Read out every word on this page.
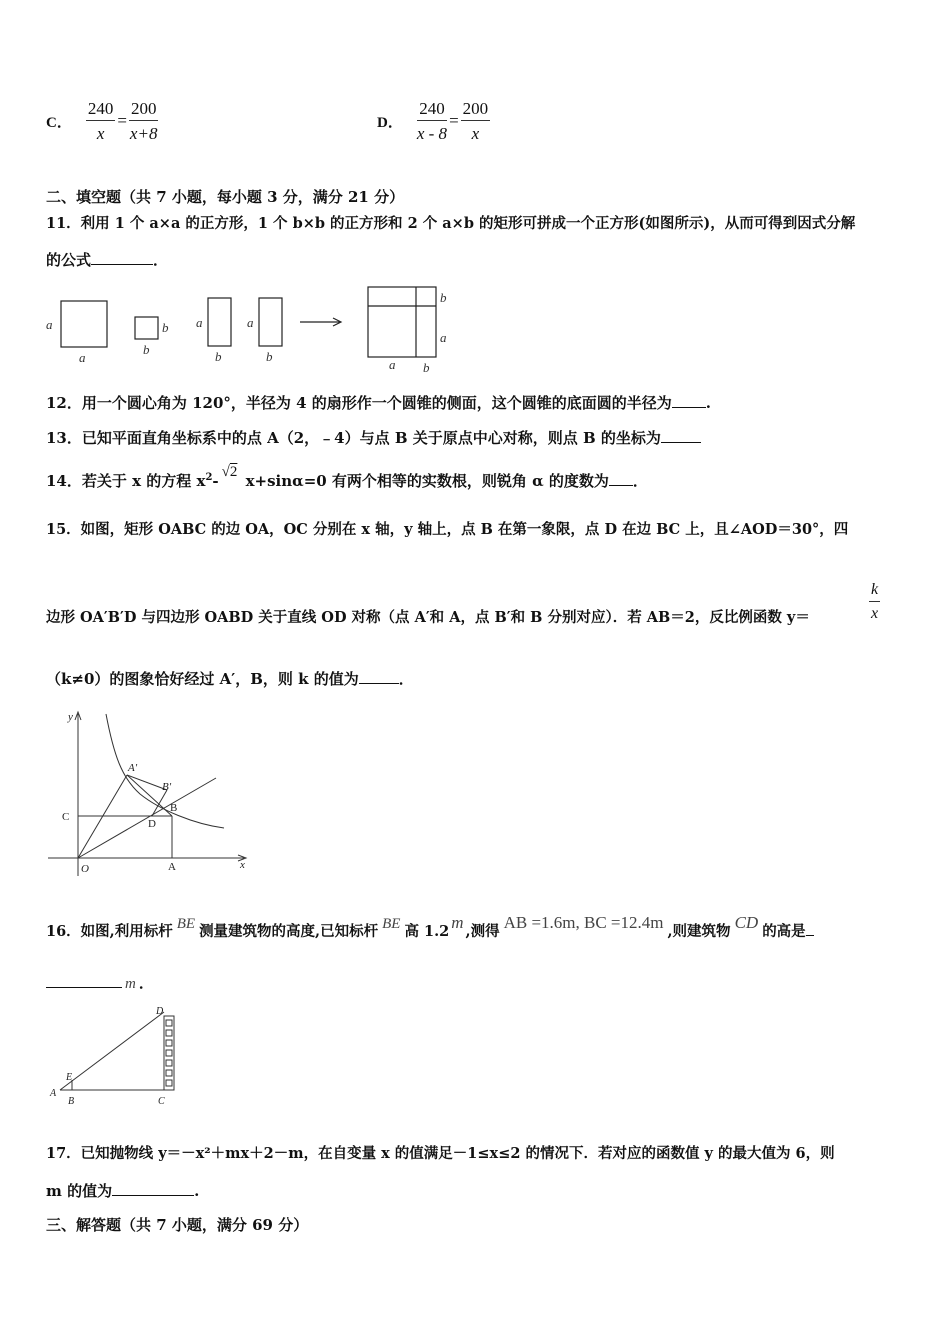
C． $\frac{240}{x} = \frac{200}{x+8}$	D． $\frac{240}{x - 8} = \frac{200}{x}$
二、填空题（共 7 小题，每小题 3 分，满分 21 分）
11．利用 1 个 a×a 的正方形，1 个 b×b 的正方形和 2 个 a×b 的矩形可拼成一个正方形(如图所示)，从而可得到因式分解
的公式	．
a
a
b
b
a
b
a
b
b
a
a b
12．用一个圆心角为 120°，半径为 4 的扇形作一个圆锥的侧面，这个圆锥的底面圆的半径为 .
13．已知平面直角坐标系中的点 A（2，﹣4）与点 B 关于原点中心对称，则点 B 的坐标为
14．若关于 x 的方程 $x^2-$ √2 x+sinα=0 有两个相等的实数根，则锐角 α 的度数为 ．
15．如图，矩形 OABC 的边 OA，OC 分别在 x 轴，y 轴上，点 B 在第一象限，点 D 在边 BC 上，且∠AOD＝30°，四
边形 OA′B′D 与四边形 OABD 关于直线 OD 对称（点 A′和 A，点 B′和 B 分别对应）．若 AB＝2，反比例函数 y＝	$\frac{k}{x}$
（k≠0）的图象恰好经过 A′，B，则 k 的值为	．
y
x
O	A
C
D
B
A′
B′
16．如图,利用标杆 BE 测量建筑物的高度,已知标杆 BE 高 1.2 m ,测得 AB =1.6m, BC =12.4m ,则建筑物 CD 的高是
m ．
A
B	C
D
E
17．已知抛物线 y＝－x²＋mx＋2－m，在自变量 x 的值满足－1≤x≤2 的情况下．若对应的函数值 y 的最大值为 6，则
m 的值为	.
三、解答题（共 7 小题，满分 69 分）
